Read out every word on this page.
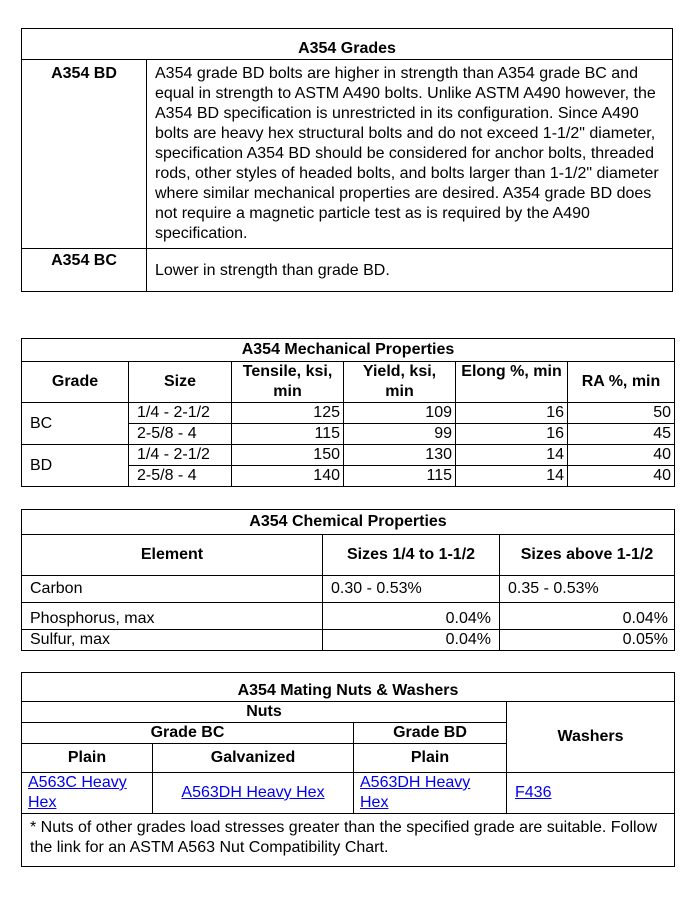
A354 Grades	
A354 BD	A354 grade BD bolts are higher in strength than A354 grade BC and equal in strength to ASTM A490 bolts. Unlike ASTM A490 however, the A354 BD specification is unrestricted in its configuration. Since A490 bolts are heavy hex structural bolts and do not exceed 1-1/2" diameter, specification A354 BD should be considered for anchor bolts, threaded rods, other styles of headed bolts, and bolts larger than 1-1/2" diameter where similar mechanical properties are desired. A354 grade BD does not require a magnetic particle test as is required by the A490 specification.
A354 BC	Lower in strength than grade BD.
A354 Mechanical Properties					
Grade	Size	Tensile, ksi, min	Yield, ksi, min	Elong %, min	RA %, min
BC	1/4 - 2-1/2	125	109	16	50
	2-5/8 - 4	115	99	16	45
BD	1/4 - 2-1/2	150	130	14	40
	2-5/8 - 4	140	115	14	40
A354 Chemical Properties		
Element	Sizes 1/4 to 1-1/2	Sizes above 1-1/2
Carbon	0.30 - 0.53%	0.35 - 0.53%
Phosphorus, max	0.04%	0.04%
Sulfur, max	0.04%	0.05%
A354 Mating Nuts & Washers			
Nuts			Washers
Grade BC		Grade BD	
Plain	Galvanized	Plain	
A563C Heavy Hex	A563DH Heavy Hex	A563DH Heavy Hex	F436
* Nuts of other grades load stresses greater than the specified grade are suitable. Follow the link for an ASTM A563 Nut Compatibility Chart.			
